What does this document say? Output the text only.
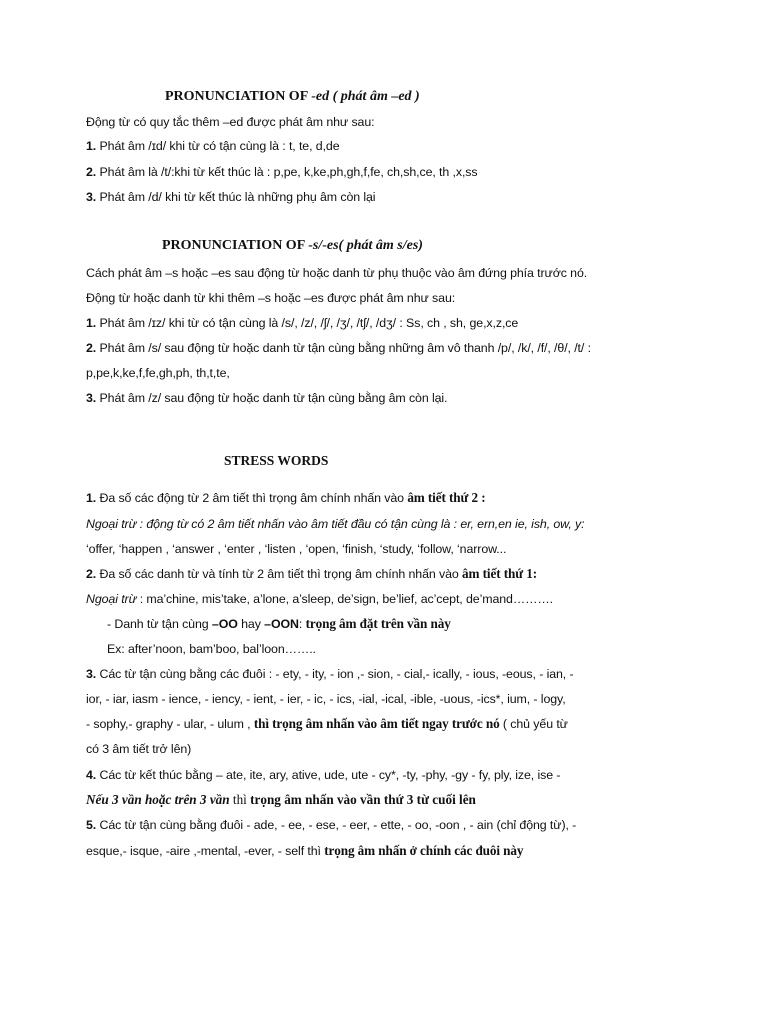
PRONUNCIATION OF -ed ( phát âm –ed )
Động từ có quy tắc thêm –ed được phát âm như sau:
1. Phát âm /ɪd/ khi từ có tận cùng là : t, te, d,de
2. Phát âm là /t/:khi từ kết thúc là : p,pe, k,ke,ph,gh,f,fe, ch,sh,ce, th ,x,ss
3. Phát âm /d/ khi từ kết thúc là những phụ âm còn lại
PRONUNCIATION OF -s/-es( phát âm s/es)
Cách phát âm –s hoặc –es sau động từ hoặc danh từ phụ thuộc vào âm đứng phía trước nó.
Động từ hoặc danh từ khi thêm –s hoặc –es được phát âm như sau:
1. Phát âm /ɪz/ khi từ có tận cùng là /s/, /z/, /ʃ/, /ʒ/, /tʃ/, /dʒ/ : Ss, ch , sh, ge,x,z,ce
2. Phát âm /s/ sau động từ hoặc danh từ tận cùng bằng những âm vô thanh /p/, /k/, /f/, /θ/, /t/ :
p,pe,k,ke,f,fe,gh,ph, th,t,te,
3. Phát âm /z/ sau động từ hoặc danh từ tận cùng bằng âm còn lại.
STRESS WORDS
1. Đa số các động từ 2 âm tiết thì trọng âm chính nhấn vào âm tiết thứ 2 :
Ngoại trừ : động từ có 2 âm tiết nhấn vào âm tiết đầu có tận cùng là : er, ern,en ie, ish, ow, y:
‘offer, ‘happen , ‘answer , ‘enter , ‘listen , ‘open, ‘finish, ‘study, ‘follow, ‘narrow...
2. Đa số các danh từ và tính từ 2 âm tiết thì trọng âm chính nhấn vào âm tiết thứ 1:
Ngoại trừ : ma’chine, mis’take, a’lone, a’sleep, de’sign, be’lief, ac’cept, de’mand……….
- Danh từ tận cùng –OO hay –OON: trọng âm đặt trên vần này
Ex: after’noon, bam’boo, bal’loon……..
3. Các từ tận cùng bằng các đuôi : - ety, - ity, - ion ,- sion, - cial,- ically, - ious, -eous, - ian, -
ior, - iar, iasm - ience, - iency, - ient, - ier, - ic, - ics, -ial, -ical, -ible, -uous, -ics*, ium, - logy,
- sophy,- graphy - ular, - ulum , thì trọng âm nhấn vào âm tiết ngay trước nó ( chủ yếu từ
có 3 âm tiết trở lên)
4. Các từ kết thúc bằng – ate, ite, ary, ative, ude, ute - cy*, -ty, -phy, -gy - fy, ply, ize, ise -
Nếu 3 vần hoặc trên 3 vần thì trọng âm nhấn vào vần thứ 3 từ cuối lên
5. Các từ tận cùng bằng đuôi - ade, - ee, - ese, - eer, - ette, - oo, -oon , - ain (chỉ động từ), -
esque,- isque, -aire ,-mental, -ever, - self thì trọng âm nhấn ở chính các đuôi này
